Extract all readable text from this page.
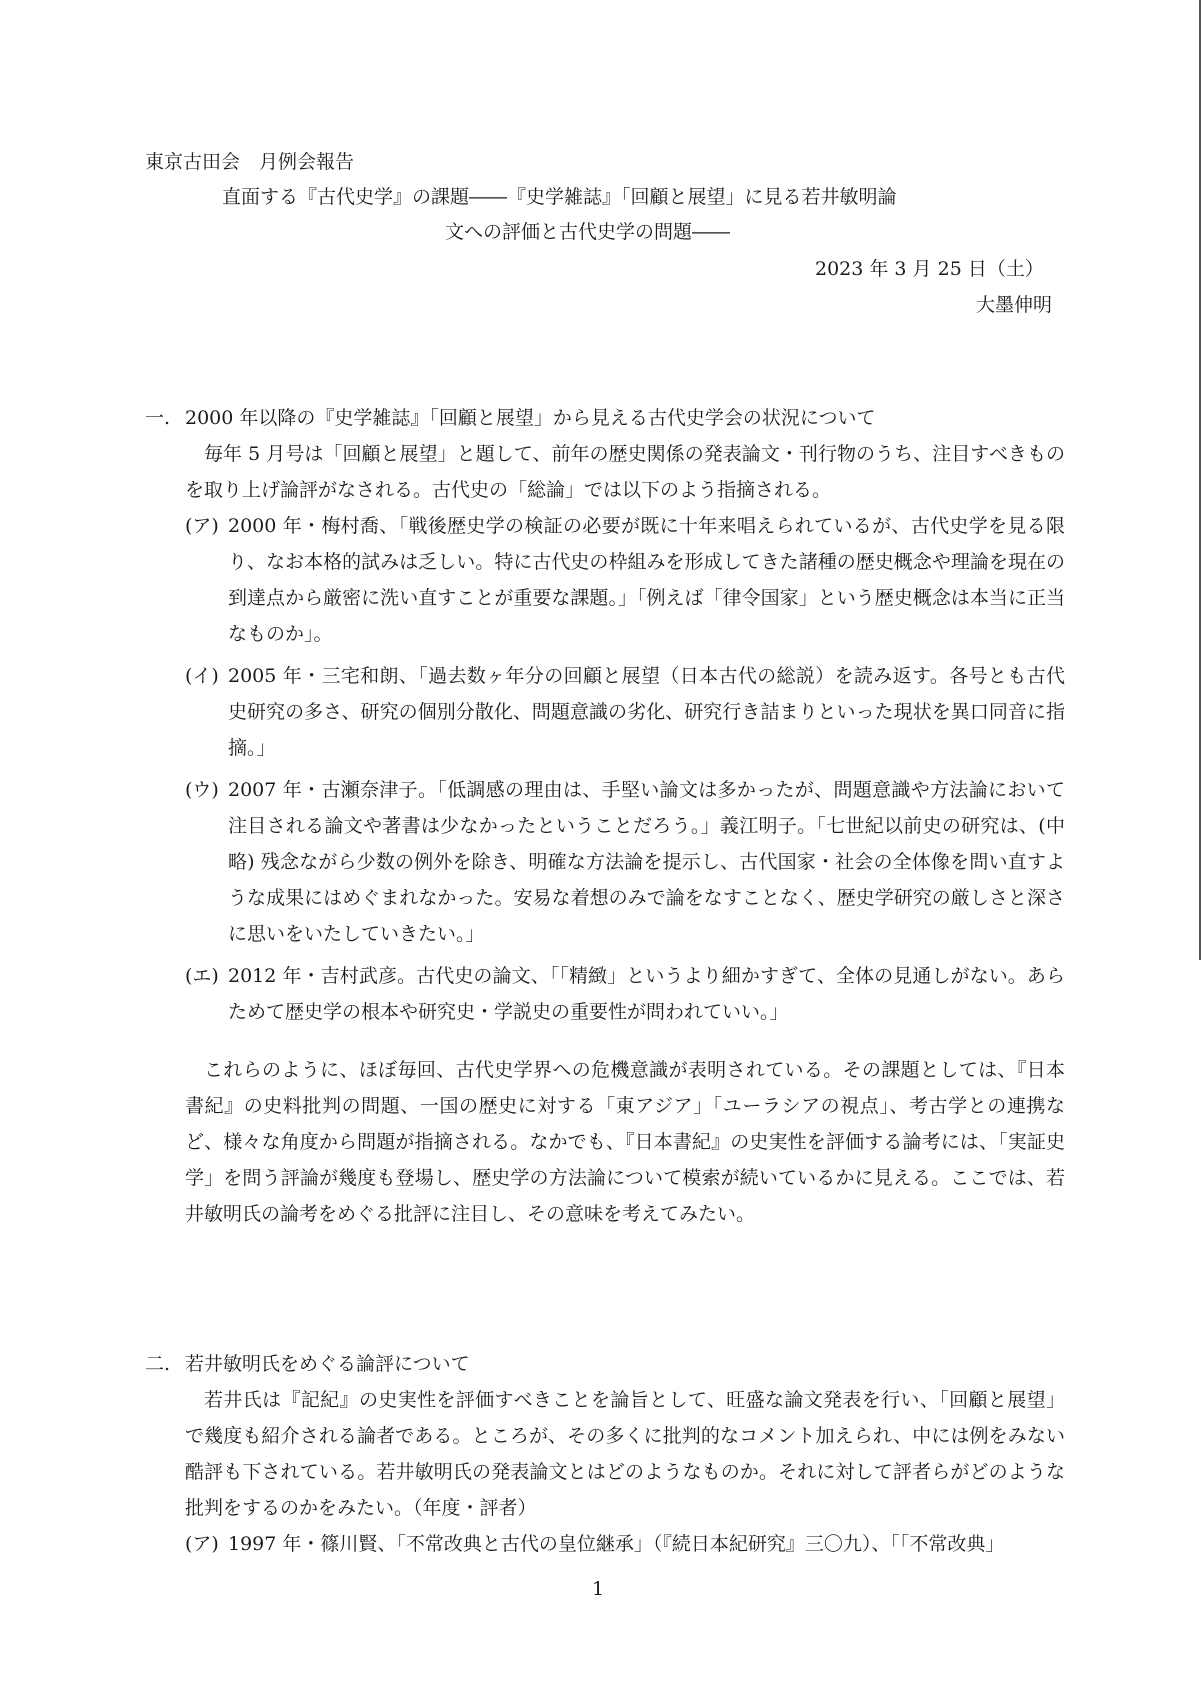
東京古田会　月例会報告
直面する『古代史学』の課題――『史学雑誌』「回顧と展望」に見る若井敏明論
文への評価と古代史学の問題――
2023 年 3 月 25 日（土）
大墨伸明
一. 2000 年以降の『史学雑誌』「回顧と展望」から見える古代史学会の状況について
毎年 5 月号は「回顧と展望」と題して、前年の歴史関係の発表論文・刊行物のうち、注目すべきものを取り上げ論評がなされる。古代史の「総論」では以下のよう指摘される。
(ア) 2000 年・梅村喬、「戦後歴史学の検証の必要が既に十年来唱えられているが、古代史学を見る限り、なお本格的試みは乏しい。特に古代史の枠組みを形成してきた諸種の歴史概念や理論を現在の到達点から厳密に洗い直すことが重要な課題。」「例えば「律令国家」という歴史概念は本当に正当なものか」。
(イ) 2005 年・三宅和朗、「過去数ヶ年分の回顧と展望（日本古代の総説）を読み返す。各号とも古代史研究の多さ、研究の個別分散化、問題意識の劣化、研究行き詰まりといった現状を異口同音に指摘。」
(ウ) 2007 年・古瀬奈津子。「低調感の理由は、手堅い論文は多かったが、問題意識や方法論において注目される論文や著書は少なかったということだろう。」義江明子。「七世紀以前史の研究は、(中略) 残念ながら少数の例外を除き、明確な方法論を提示し、古代国家・社会の全体像を問い直すような成果にはめぐまれなかった。安易な着想のみで論をなすことなく、歴史学研究の厳しさと深さに思いをいたしていきたい。」
(エ) 2012 年・吉村武彦。古代史の論文、「「精緻」というより細かすぎて、全体の見通しがない。あらためて歴史学の根本や研究史・学説史の重要性が問われていい。」
これらのように、ほぼ毎回、古代史学界への危機意識が表明されている。その課題としては、『日本書紀』の史料批判の問題、一国の歴史に対する「東アジア」「ユーラシアの視点」、考古学との連携など、様々な角度から問題が指摘される。なかでも、『日本書紀』の史実性を評価する論考には、「実証史学」を問う評論が幾度も登場し、歴史学の方法論について模索が続いているかに見える。ここでは、若井敏明氏の論考をめぐる批評に注目し、その意味を考えてみたい。
二. 若井敏明氏をめぐる論評について
若井氏は『記紀』の史実性を評価すべきことを論旨として、旺盛な論文発表を行い、「回顧と展望」で幾度も紹介される論者である。ところが、その多くに批判的なコメント加えられ、中には例をみない酷評も下されている。若井敏明氏の発表論文とはどのようなものか。それに対して評者らがどのような批判をするのかをみたい。（年度・評者）
(ア) 1997 年・篠川賢、「不常改典と古代の皇位継承」（『続日本紀研究』三〇九）、「「不常改典」
1
